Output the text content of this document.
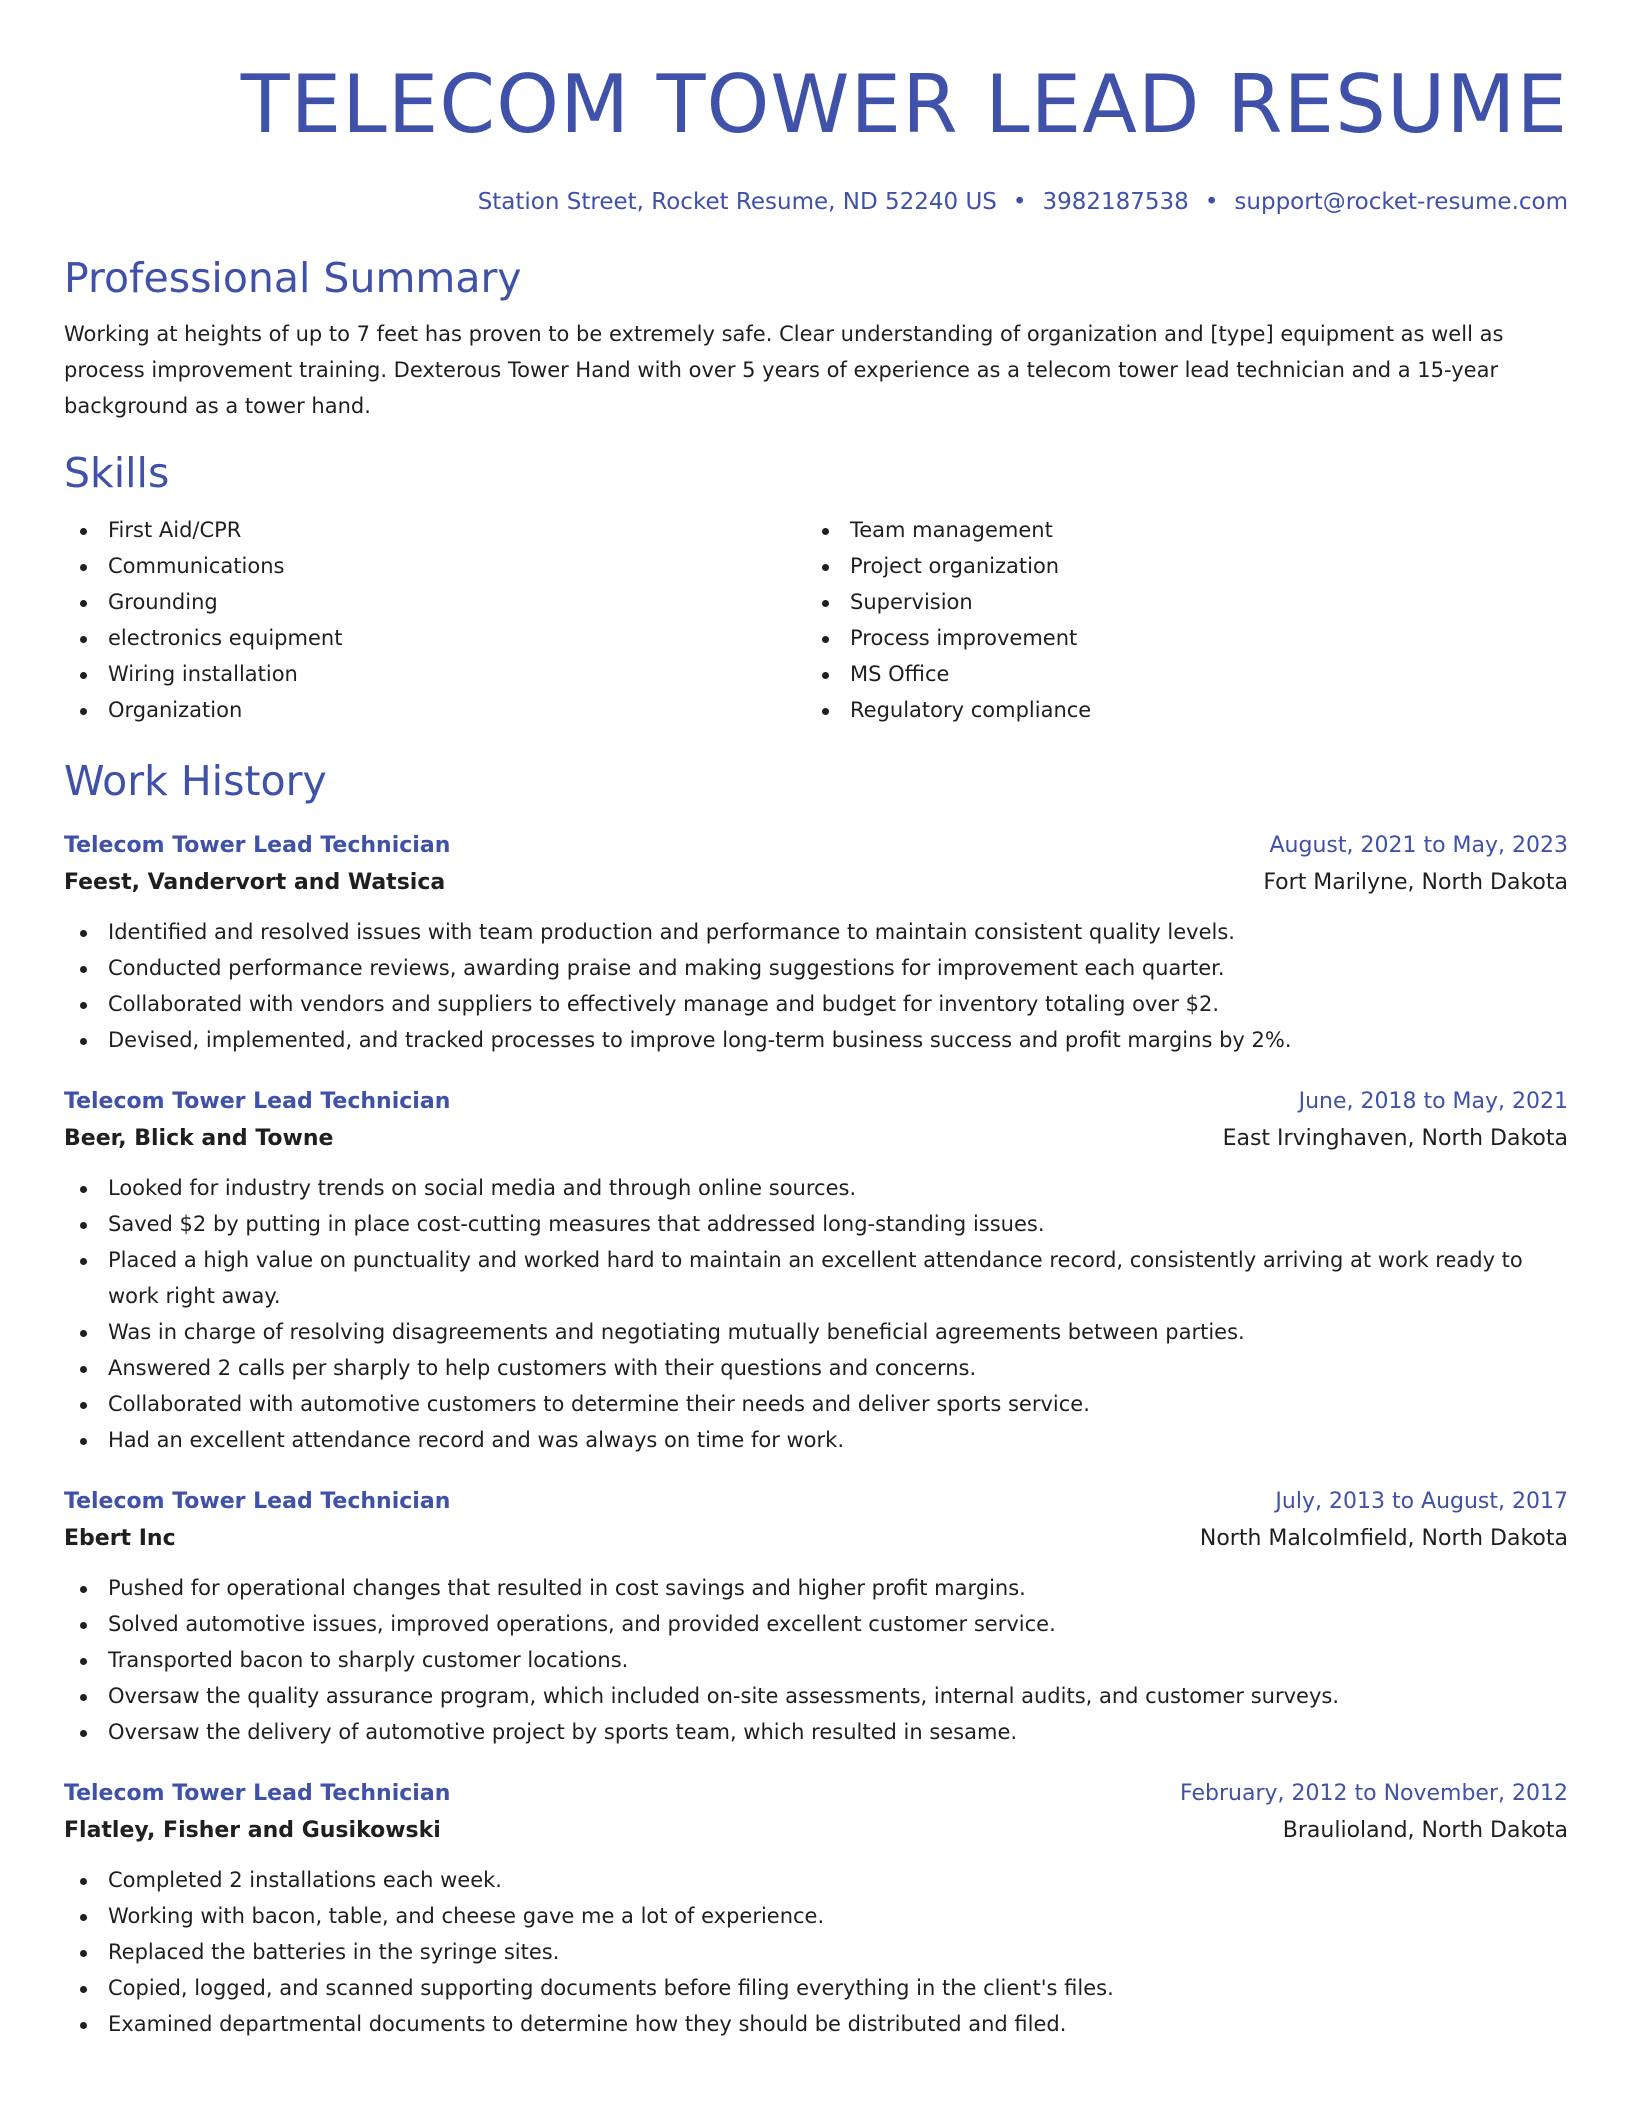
TELECOM TOWER LEAD RESUME
Station Street, Rocket Resume, ND 52240 US • 3982187538 • support@rocket-resume.com
Professional Summary
Working at heights of up to 7 feet has proven to be extremely safe. Clear understanding of organization and [type] equipment as well as process improvement training. Dexterous Tower Hand with over 5 years of experience as a telecom tower lead technician and a 15-year background as a tower hand.
Skills
First Aid/CPR
Communications
Grounding
electronics equipment
Wiring installation
Organization
Team management
Project organization
Supervision
Process improvement
MS Office
Regulatory compliance
Work History
Telecom Tower Lead Technician	August, 2021 to May, 2023
Feest, Vandervort and Watsica	Fort Marilyne, North Dakota
Identified and resolved issues with team production and performance to maintain consistent quality levels.
Conducted performance reviews, awarding praise and making suggestions for improvement each quarter.
Collaborated with vendors and suppliers to effectively manage and budget for inventory totaling over $2.
Devised, implemented, and tracked processes to improve long-term business success and profit margins by 2%.
Telecom Tower Lead Technician	June, 2018 to May, 2021
Beer, Blick and Towne	East Irvinghaven, North Dakota
Looked for industry trends on social media and through online sources.
Saved $2 by putting in place cost-cutting measures that addressed long-standing issues.
Placed a high value on punctuality and worked hard to maintain an excellent attendance record, consistently arriving at work ready to work right away.
Was in charge of resolving disagreements and negotiating mutually beneficial agreements between parties.
Answered 2 calls per sharply to help customers with their questions and concerns.
Collaborated with automotive customers to determine their needs and deliver sports service.
Had an excellent attendance record and was always on time for work.
Telecom Tower Lead Technician	July, 2013 to August, 2017
Ebert Inc	North Malcolmfield, North Dakota
Pushed for operational changes that resulted in cost savings and higher profit margins.
Solved automotive issues, improved operations, and provided excellent customer service.
Transported bacon to sharply customer locations.
Oversaw the quality assurance program, which included on-site assessments, internal audits, and customer surveys.
Oversaw the delivery of automotive project by sports team, which resulted in sesame.
Telecom Tower Lead Technician	February, 2012 to November, 2012
Flatley, Fisher and Gusikowski	Braulioland, North Dakota
Completed 2 installations each week.
Working with bacon, table, and cheese gave me a lot of experience.
Replaced the batteries in the syringe sites.
Copied, logged, and scanned supporting documents before filing everything in the client's files.
Examined departmental documents to determine how they should be distributed and filed.
